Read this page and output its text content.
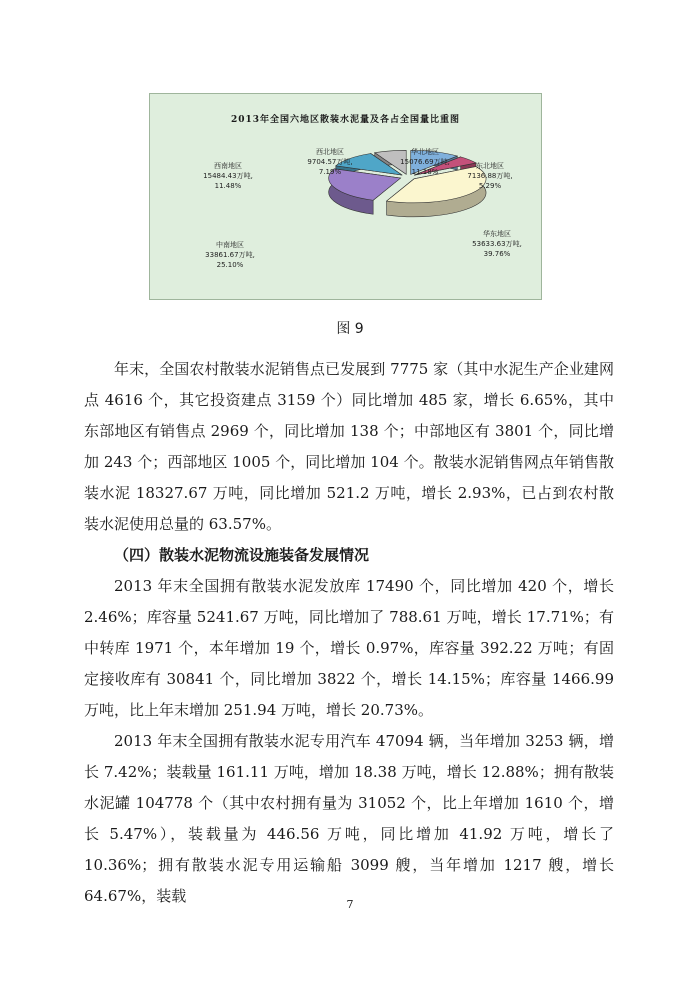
华北地区
15076.69万吨,
11.18%
东北地区
7136.88万吨,
5.29%
华东地区
53633.63万吨,
39.76%
中南地区
33861.67万吨,
25.10%
西南地区
15484.43万吨,
11.48%
西北地区
9704.57万吨,
7.19%
2013年全国六地区散装水泥量及各占全国量比重图
图 9

年末，全国农村散装水泥销售点已发展到 7775 家（其中水泥生产企业建网点 4616 个，其它投资建点 3159 个）同比增加 485 家，增长 6.65%，其中东部地区有销售点 2969 个，同比增加 138 个；中部地区有 3801 个，同比增加 243 个；西部地区 1005 个，同比增加 104 个。散装水泥销售网点年销售散装水泥 18327.67 万吨，同比增加 521.2 万吨，增长 2.93%，已占到农村散装水泥使用总量的 63.57%。

（四）散装水泥物流设施装备发展情况

2013 年末全国拥有散装水泥发放库 17490 个，同比增加 420 个，增长 2.46%；库容量 5241.67 万吨，同比增加了 788.61 万吨，增长 17.71%；有中转库 1971 个，本年增加 19 个，增长 0.97%，库容量 392.22 万吨；有固定接收库有 30841 个，同比增加 3822 个，增长 14.15%；库容量 1466.99 万吨，比上年末增加 251.94 万吨，增长 20.73%。

2013 年末全国拥有散装水泥专用汽车 47094 辆，当年增加 3253 辆，增长 7.42%；装载量 161.11 万吨，增加 18.38 万吨，增长 12.88%；拥有散装水泥罐 104778 个（其中农村拥有量为 31052 个，比上年增加 1610 个，增长 5.47%），装载量为 446.56 万吨，同比增加 41.92 万吨，增长了 10.36%；拥有散装水泥专用运输船 3099 艘，当年增加 1217 艘，增长 64.67%，装载	7
